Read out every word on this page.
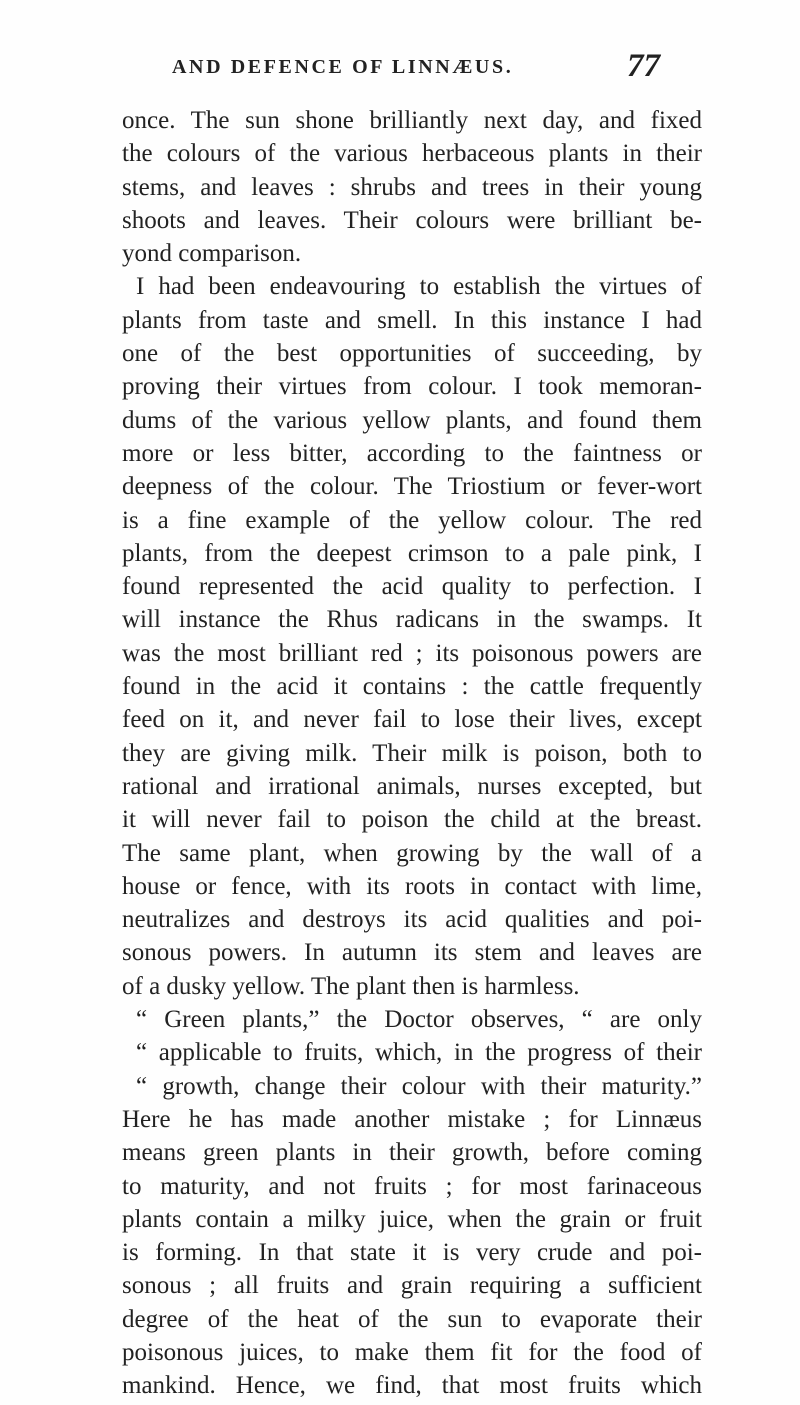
AND DEFENCE OF LINNÆUS.	77
once. The sun shone brilliantly next day, and fixed
the colours of the various herbaceous plants in their
stems, and leaves : shrubs and trees in their young
shoots and leaves. Their colours were brilliant be-
yond comparison.
I had been endeavouring to establish the virtues of
plants from taste and smell. In this instance I had
one of the best opportunities of succeeding, by
proving their virtues from colour. I took memoran-
dums of the various yellow plants, and found them
more or less bitter, according to the faintness or
deepness of the colour. The Triostium or fever-wort
is a fine example of the yellow colour. The red
plants, from the deepest crimson to a pale pink, I
found represented the acid quality to perfection. I
will instance the Rhus radicans in the swamps. It
was the most brilliant red ; its poisonous powers are
found in the acid it contains : the cattle frequently
feed on it, and never fail to lose their lives, except
they are giving milk. Their milk is poison, both to
rational and irrational animals, nurses excepted, but
it will never fail to poison the child at the breast.
The same plant, when growing by the wall of a
house or fence, with its roots in contact with lime,
neutralizes and destroys its acid qualities and poi-
sonous powers. In autumn its stem and leaves are
of a dusky yellow. The plant then is harmless.
“ Green plants,” the Doctor observes, “ are only
“ applicable to fruits, which, in the progress of their
“ growth, change their colour with their maturity.”
Here he has made another mistake ; for Linnæus
means green plants in their growth, before coming
to maturity, and not fruits ; for most farinaceous
plants contain a milky juice, when the grain or fruit
is forming. In that state it is very crude and poi-
sonous ; all fruits and grain requiring a sufficient
degree of the heat of the sun to evaporate their
poisonous juices, to make them fit for the food of
mankind. Hence, we find, that most fruits which
